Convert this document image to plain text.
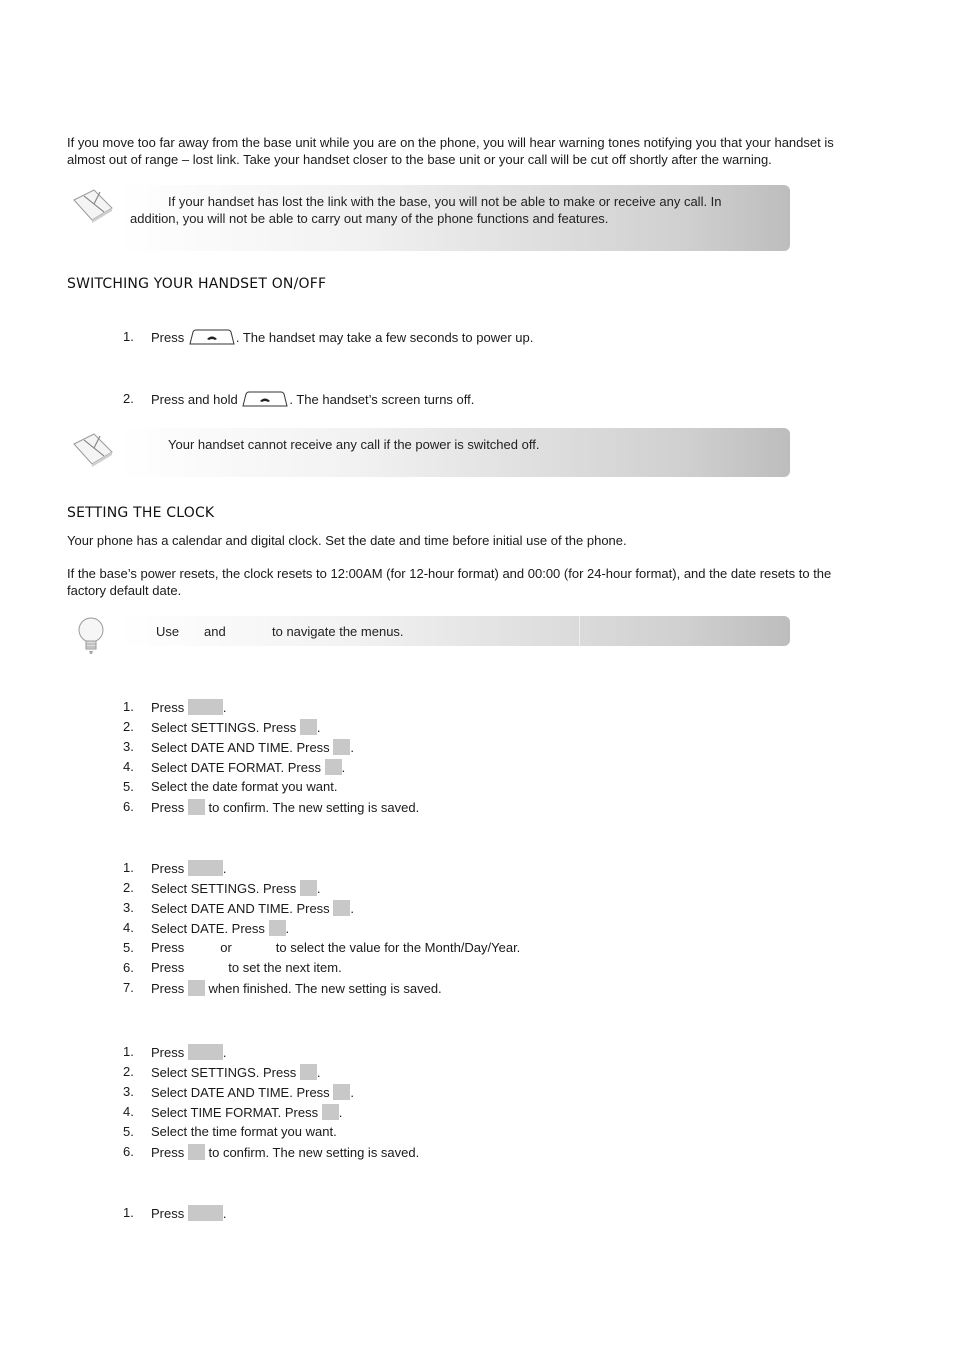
If you move too far away from the base unit while you are on the phone, you will hear warning tones notifying you that your handset is
almost out of range – lost link. Take your handset closer to the base unit or your call will be cut off shortly after the warning.
If your handset has lost the link with the base, you will not be able to make or receive any call. In
addition, you will not be able to carry out many of the phone functions and features.
SWITCHING YOUR HANDSET ON/OFF
1. Press	. The handset may take a few seconds to power up.
2. Press and hold	. The handset’s screen turns off.
Your handset cannot receive any call if the power is switched off.
SETTING THE CLOCK
Your phone has a calendar and digital clock. Set the date and time before initial use of the phone.
If the base’s power resets, the clock resets to 12:00AM (for 12-hour format) and 00:00 (for 24-hour format), and the date resets to the
factory default date.
Use and	to navigate the menus.
1. Press	.
2. Select SETTINGS. Press .
3. Select DATE AND TIME. Press .
4. Select DATE FORMAT. Press .
5. Select the date format you want.
6. Press to confirm. The new setting is saved.
1. Press	.
2. Select SETTINGS. Press .
3. Select DATE AND TIME. Press .
4. Select DATE. Press .
5. Press	or	to select the value for the Month/Day/Year.
6. Press	to set the next item.
7. Press when finished. The new setting is saved.
1. Press	.
2. Select SETTINGS. Press .
3. Select DATE AND TIME. Press .
4. Select TIME FORMAT. Press .
5. Select the time format you want.
6. Press to confirm. The new setting is saved.
1. Press	.
